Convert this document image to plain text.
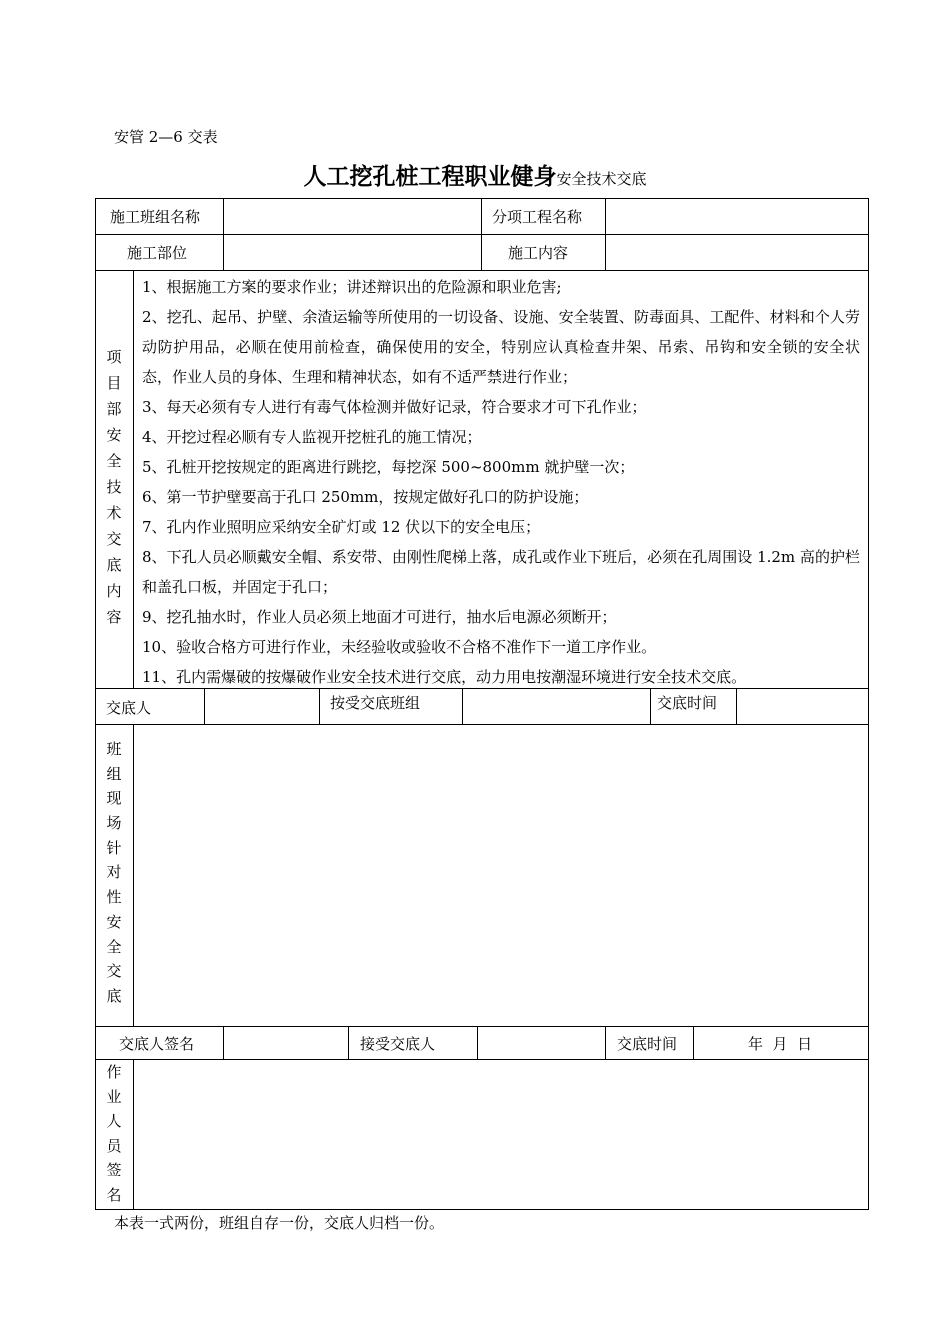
安管 2—6 交表
人工挖孔桩工程职业健身安全技术交底
施工班组名称	分项工程名称
施工部位	施工内容
项
目
部
安
全
技
术
交
底
内
容
1、根据施工方案的要求作业；讲述辩识出的危险源和职业危害;
2、挖孔、起吊、护壁、余渣运输等所使用的一切设备、设施、安全装置、防毒面具、工配件、材料和个人劳动防护用品，必顺在使用前检查，确保使用的安全，特别应认真检查井架、吊索、吊钩和安全锁的安全状态，作业人员的身体、生理和精神状态，如有不适严禁进行作业；
3、每天必须有专人进行有毒气体检测并做好记录，符合要求才可下孔作业；
4、开挖过程必顺有专人监视开挖桩孔的施工情况；
5、孔桩开挖按规定的距离进行跳挖，每挖深 500~800mm 就护壁一次；
6、第一节护壁要高于孔口 250mm，按规定做好孔口的防护设施；
7、孔内作业照明应采纳安全矿灯或 12 伏以下的安全电压；
8、下孔人员必顺戴安全帽、系安带、由刚性爬梯上落，成孔或作业下班后，必须在孔周围设 1.2m 高的护栏和盖孔口板，并固定于孔口；
9、挖孔抽水时，作业人员必须上地面才可进行，抽水后电源必须断开；
10、验收合格方可进行作业，未经验收或验收不合格不准作下一道工序作业。
11、孔内需爆破的按爆破作业安全技术进行交底，动力用电按潮湿环境进行安全技术交底。
交底人	按受交底班组	交底时间
班
组
现
场
针
对
性
安
全
交
底
交底人签名	接受交底人	交底时间	年  月  日
作
业
人
员
签
名
本表一式两份，班组自存一份，交底人归档一份。
